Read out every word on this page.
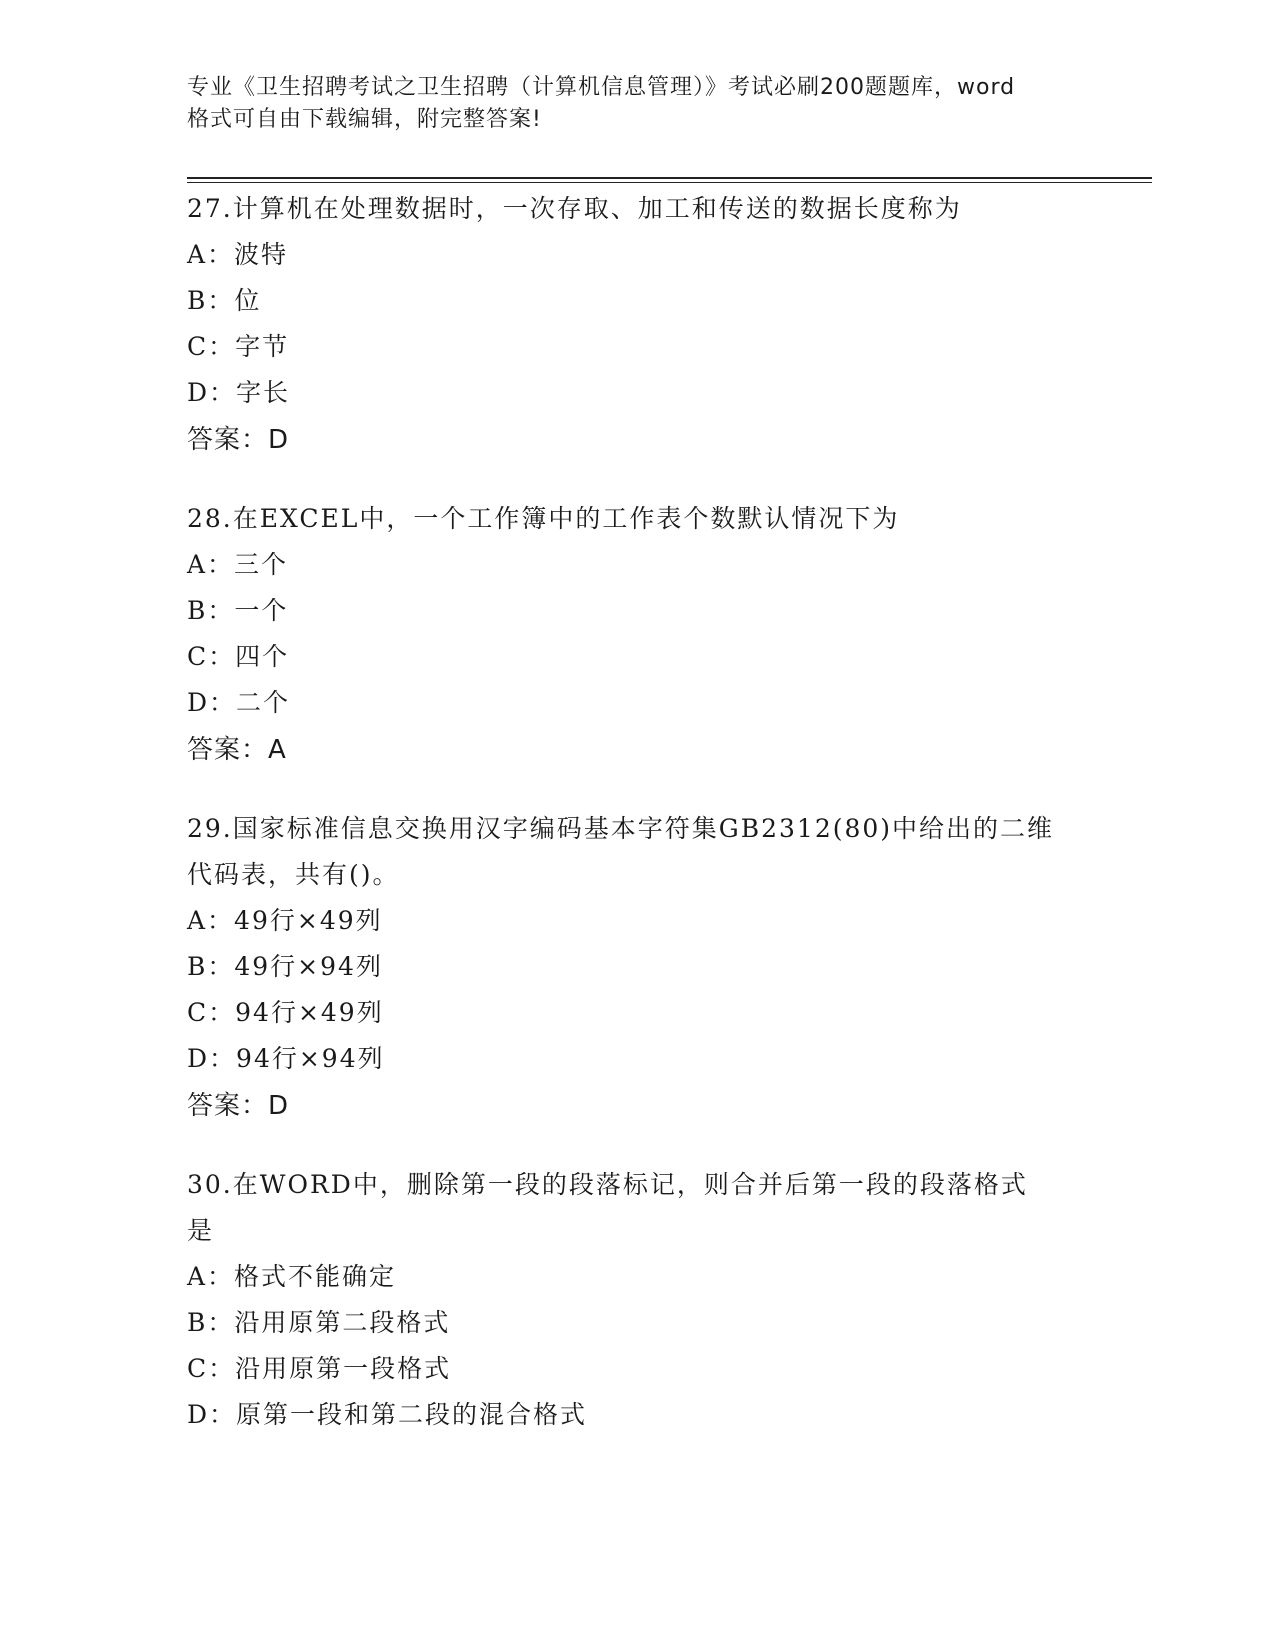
专业《卫生招聘考试之卫生招聘（计算机信息管理）》考试必刷200题题库，word
格式可自由下载编辑，附完整答案!
27.计算机在处理数据时，一次存取、加工和传送的数据长度称为
A：波特
B：位
C：字节
D：字长
答案：D
28.在EXCEL中，一个工作簿中的工作表个数默认情况下为
A：三个
B：一个
C：四个
D：二个
答案：A
29.国家标准信息交换用汉字编码基本字符集GB2312(80)中给出的二维
代码表，共有()。
A：49行×49列
B：49行×94列
C：94行×49列
D：94行×94列
答案：D
30.在WORD中，删除第一段的段落标记，则合并后第一段的段落格式
是
A：格式不能确定
B：沿用原第二段格式
C：沿用原第一段格式
D：原第一段和第二段的混合格式
